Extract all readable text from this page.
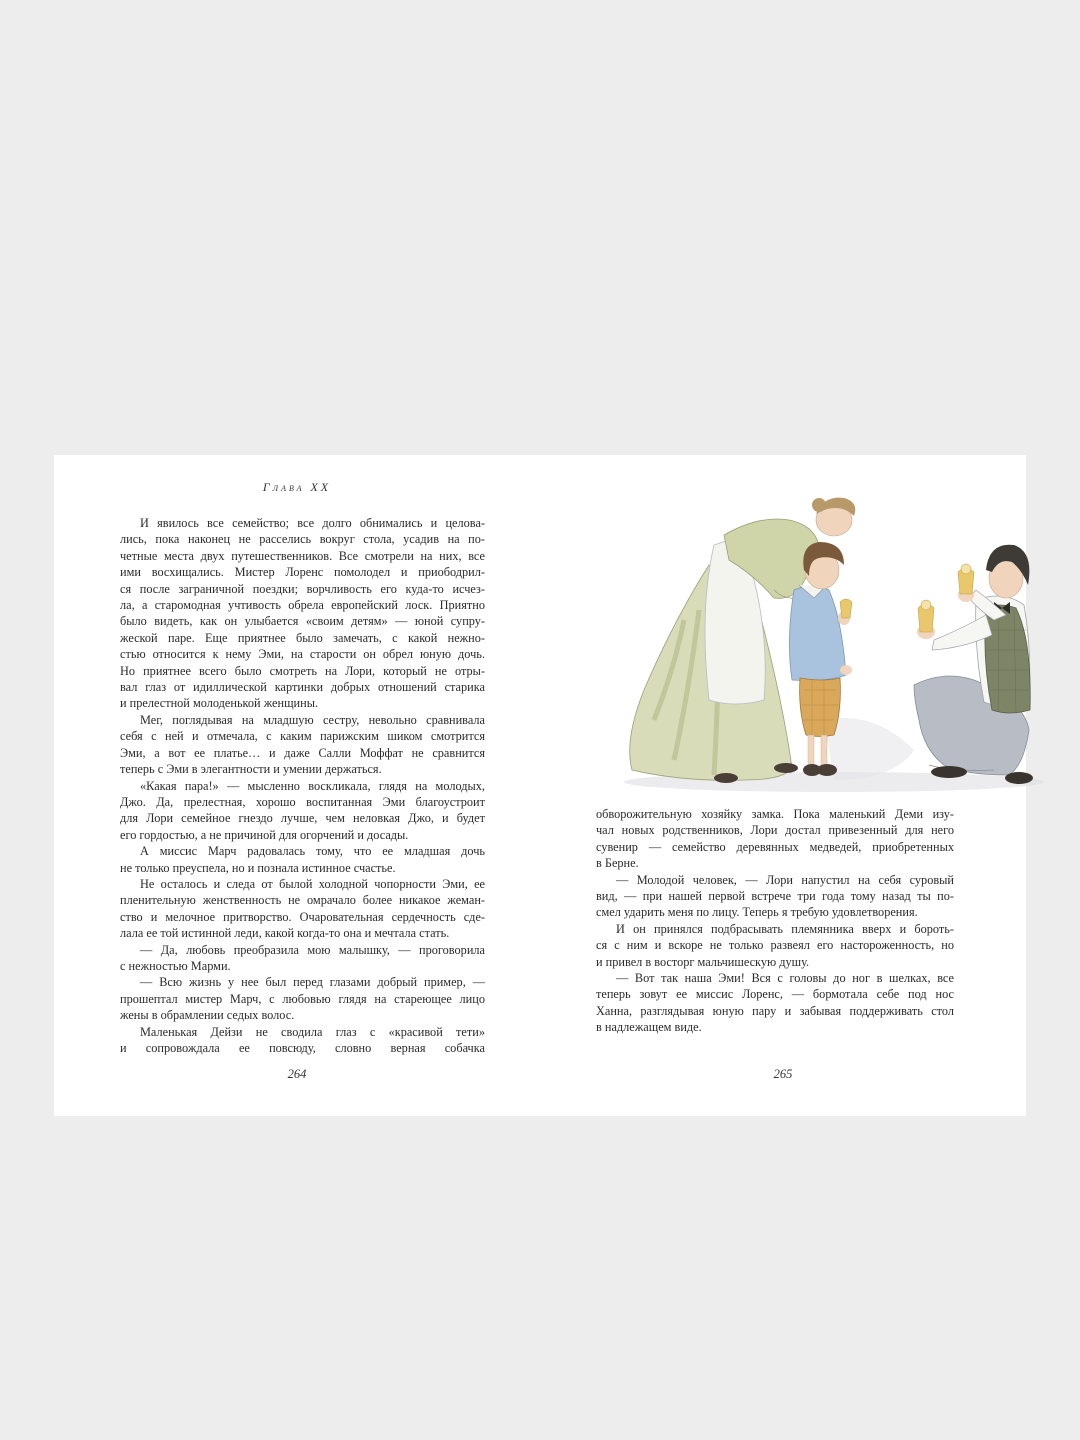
Глава XX
И явилось все семейство; все долго обнимались и целова-
лись, пока наконец не расселись вокруг стола, усадив на по-
четные места двух путешественников. Все смотрели на них, все
ими восхищались. Мистер Лоренс помолодел и приободрил-
ся после заграничной поездки; ворчливость его куда-то исчез-
ла, а старомодная учтивость обрела европейский лоск. Приятно
было видеть, как он улыбается «своим детям» — юной супру-
жеской паре. Еще приятнее было замечать, с какой нежно-
стью относится к нему Эми, на старости он обрел юную дочь.
Но приятнее всего было смотреть на Лори, который не отры-
вал глаз от идиллической картинки добрых отношений старика
и прелестной молоденькой женщины.
Мег, поглядывая на младшую сестру, невольно сравнивала
себя с ней и отмечала, с каким парижским шиком смотрится
Эми, а вот ее платье… и даже Салли Моффат не сравнится
теперь с Эми в элегантности и умении держаться.
«Какая пара!» — мысленно воскликала, глядя на молодых,
Джо. Да, прелестная, хорошо воспитанная Эми благоустроит
для Лори семейное гнездо лучше, чем неловкая Джо, и будет
его гордостью, а не причиной для огорчений и досады.
А миссис Марч радовалась тому, что ее младшая дочь
не только преуспела, но и познала истинное счастье.
Не осталось и следа от былой холодной чопорности Эми, ее
пленительную женственность не омрачало более никакое жеман-
ство и мелочное притворство. Очаровательная сердечность сде-
лала ее той истинной леди, какой когда-то она и мечтала стать.
— Да, любовь преобразила мою малышку, — проговорила
с нежностью Марми.
— Всю жизнь у нее был перед глазами добрый пример, —
прошептал мистер Марч, с любовью глядя на стареющее лицо
жены в обрамлении седых волос.
Маленькая Дейзи не сводила глаз с «красивой тети»
и сопровождала ее повсюду, словно верная собачка
264
обворожительную хозяйку замка. Пока маленький Деми изу-
чал новых родственников, Лори достал привезенный для него
сувенир — семейство деревянных медведей, приобретенных
в Берне.
— Молодой человек, — Лори напустил на себя суровый
вид, — при нашей первой встрече три года тому назад ты по-
смел ударить меня по лицу. Теперь я требую удовлетворения.
И он принялся подбрасывать племянника вверх и бороть-
ся с ним и вскоре не только развеял его настороженность, но
и привел в восторг мальчишескую душу.
— Вот так наша Эми! Вся с головы до ног в шелках, все
теперь зовут ее миссис Лоренс, — бормотала себе под нос
Ханна, разглядывая юную пару и забывая поддерживать стол
в надлежащем виде.
265
